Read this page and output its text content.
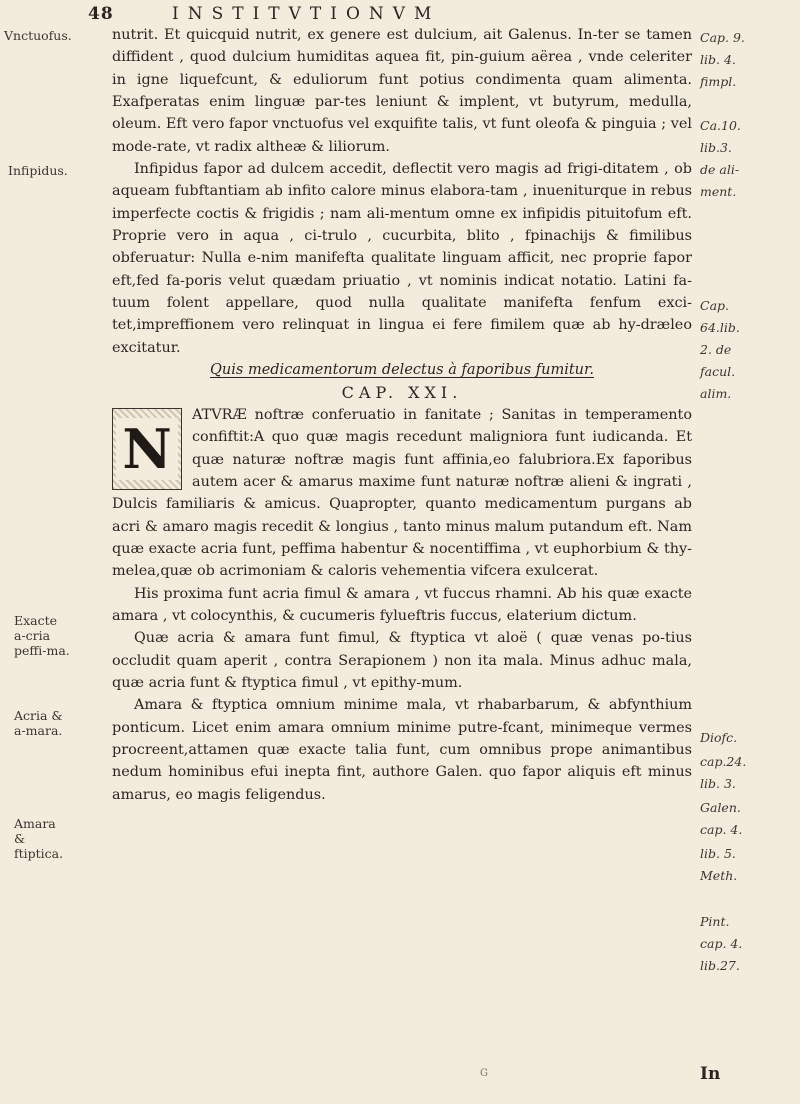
48	INSTITVTIONVM

nutrit. Et quicquid nutrit, ex genere est dulcium, ait Galenus. In-ter se tamen diffident , quod dulcium humiditas aquea fit, pin-guium aërea , vnde celeriter in igne liquefcunt, & eduliorum funt potius condimenta quam alimenta. Exafperatas enim linguæ par-tes leniunt & implent, vt butyrum, medulla, oleum. Eft vero fapor vnctuofus vel exquifite talis, vt funt oleofa & pinguia ; vel mode-rate, vt radix altheæ & liliorum.

Infipidus fapor ad dulcem accedit, deflectit vero magis ad frigi-ditatem , ob aqueam fubftantiam ab infito calore minus elabora-tam , inueniturque in rebus imperfecte coctis & frigidis ; nam ali-mentum omne ex infipidis pituitofum eft. Proprie vero in aqua , ci-trulo , cucurbita, blito , fpinachijs & fimilibus obferuatur: Nulla e-nim manifefta qualitate linguam afficit, nec proprie fapor eft,fed fa-poris velut quædam priuatio , vt nominis indicat notatio. Latini fa-tuum folent appellare, quod nulla qualitate manifefta fenfum exci-tet,impreffionem vero relinquat in lingua ei fere fimilem quæ ab hy-dræleo excitatur.

Quis medicamentorum delectus à faporibus fumitur.

CAP. XXI.

N

ATVRÆ noftræ conferuatio in fanitate ; Sanitas in temperamento confiftit:A quo quæ magis recedunt maligniora funt iudicanda. Et quæ naturæ noftræ magis funt affinia,eo falubriora.Ex faporibus autem acer & amarus maxime funt naturæ noftræ alieni & ingrati , Dulcis familiaris & amicus. Quapropter, quanto medicamentum purgans ab acri & amaro magis recedit & longius , tanto minus malum putandum eft. Nam quæ exacte acria funt, peffima habentur & nocentiffima , vt euphorbium & thy-melea,quæ ob acrimoniam & caloris vehementia vifcera exulcerat.

His proxima funt acria fimul & amara , vt fuccus rhamni. Ab his quæ exacte amara , vt colocynthis, & cucumeris fylueftris fuccus, elaterium dictum.

Quæ acria & amara funt fimul, & ftyptica vt aloë ( quæ venas po-tius occludit quam aperit , contra Serapionem ) non ita mala. Minus adhuc mala, quæ acria funt & ftyptica fimul , vt epithy-mum.

Amara & ftyptica omnium minime mala, vt rhabarbarum, & abfynthium ponticum. Licet enim amara omnium minime putre-fcant, minimeque vermes procreent,attamen quæ exacte talia funt, cum omnibus prope animantibus nedum hominibus efui inepta fint, authore Galen. quo fapor aliquis eft minus amarus, eo magis feligendus.

Vnctuofus.
Infipidus.
Exacte a-cria peffi-ma.
Acria & a-mara.
Amara & ftiptica.
Cap. 9.
lib. 4.
fimpl.
Ca.10.
lib.3.
de ali-
ment.
Cap.
64.lib.
2. de
facul.
alim.
Diofc.
cap.24.
lib. 3.
Galen.
cap. 4.
lib. 5.
Meth.
Pint.
cap. 4.
lib.27.
In
G
